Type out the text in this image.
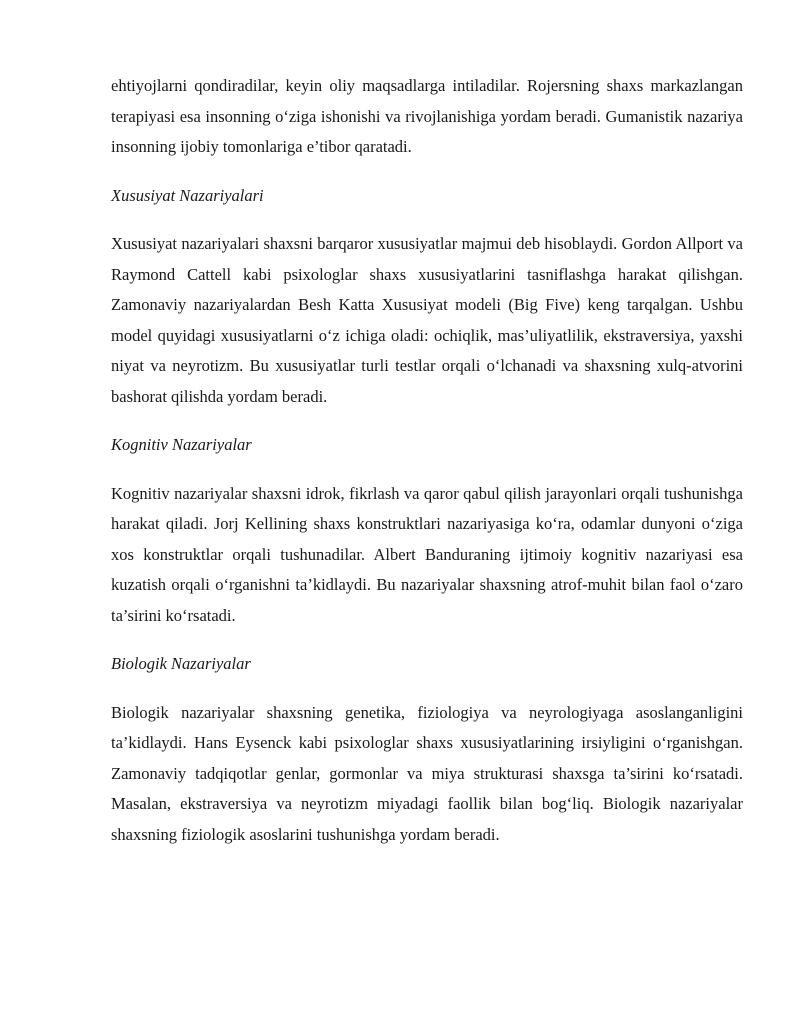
ehtiyojlarni qondiradilar, keyin oliy maqsadlarga intiladilar. Rojersning shaxs markazlangan terapiyasi esa insonning o‘ziga ishonishi va rivojlanishiga yordam beradi. Gumanistik nazariya insonning ijobiy tomonlariga e’tibor qaratadi.

Xususiyat Nazariyalari

Xususiyat nazariyalari shaxsni barqaror xususiyatlar majmui deb hisoblaydi. Gordon Allport va Raymond Cattell kabi psixologlar shaxs xususiyatlarini tasniflashga harakat qilishgan. Zamonaviy nazariyalardan Besh Katta Xususiyat modeli (Big Five) keng tarqalgan. Ushbu model quyidagi xususiyatlarni o‘z ichiga oladi: ochiqlik, mas’uliyatlilik, ekstraversiya, yaxshi niyat va neyrotizm. Bu xususiyatlar turli testlar orqali o‘lchanadi va shaxsning xulq-atvorini bashorat qilishda yordam beradi.

Kognitiv Nazariyalar

Kognitiv nazariyalar shaxsni idrok, fikrlash va qaror qabul qilish jarayonlari orqali tushunishga harakat qiladi. Jorj Kellining shaxs konstruktlari nazariyasiga ko‘ra, odamlar dunyoni o‘ziga xos konstruktlar orqali tushunadilar. Albert Banduraning ijtimoiy kognitiv nazariyasi esa kuzatish orqali o‘rganishni ta’kidlaydi. Bu nazariyalar shaxsning atrof-muhit bilan faol o‘zaro ta’sirini ko‘rsatadi.

Biologik Nazariyalar

Biologik nazariyalar shaxsning genetika, fiziologiya va neyrologiyaga asoslanganligini ta’kidlaydi. Hans Eysenck kabi psixologlar shaxs xususiyatlarining irsiyligini o‘rganishgan. Zamonaviy tadqiqotlar genlar, gormonlar va miya strukturasi shaxsga ta’sirini ko‘rsatadi. Masalan, ekstraversiya va neyrotizm miyadagi faollik bilan bog‘liq. Biologik nazariyalar shaxsning fiziologik asoslarini tushunishga yordam beradi.
